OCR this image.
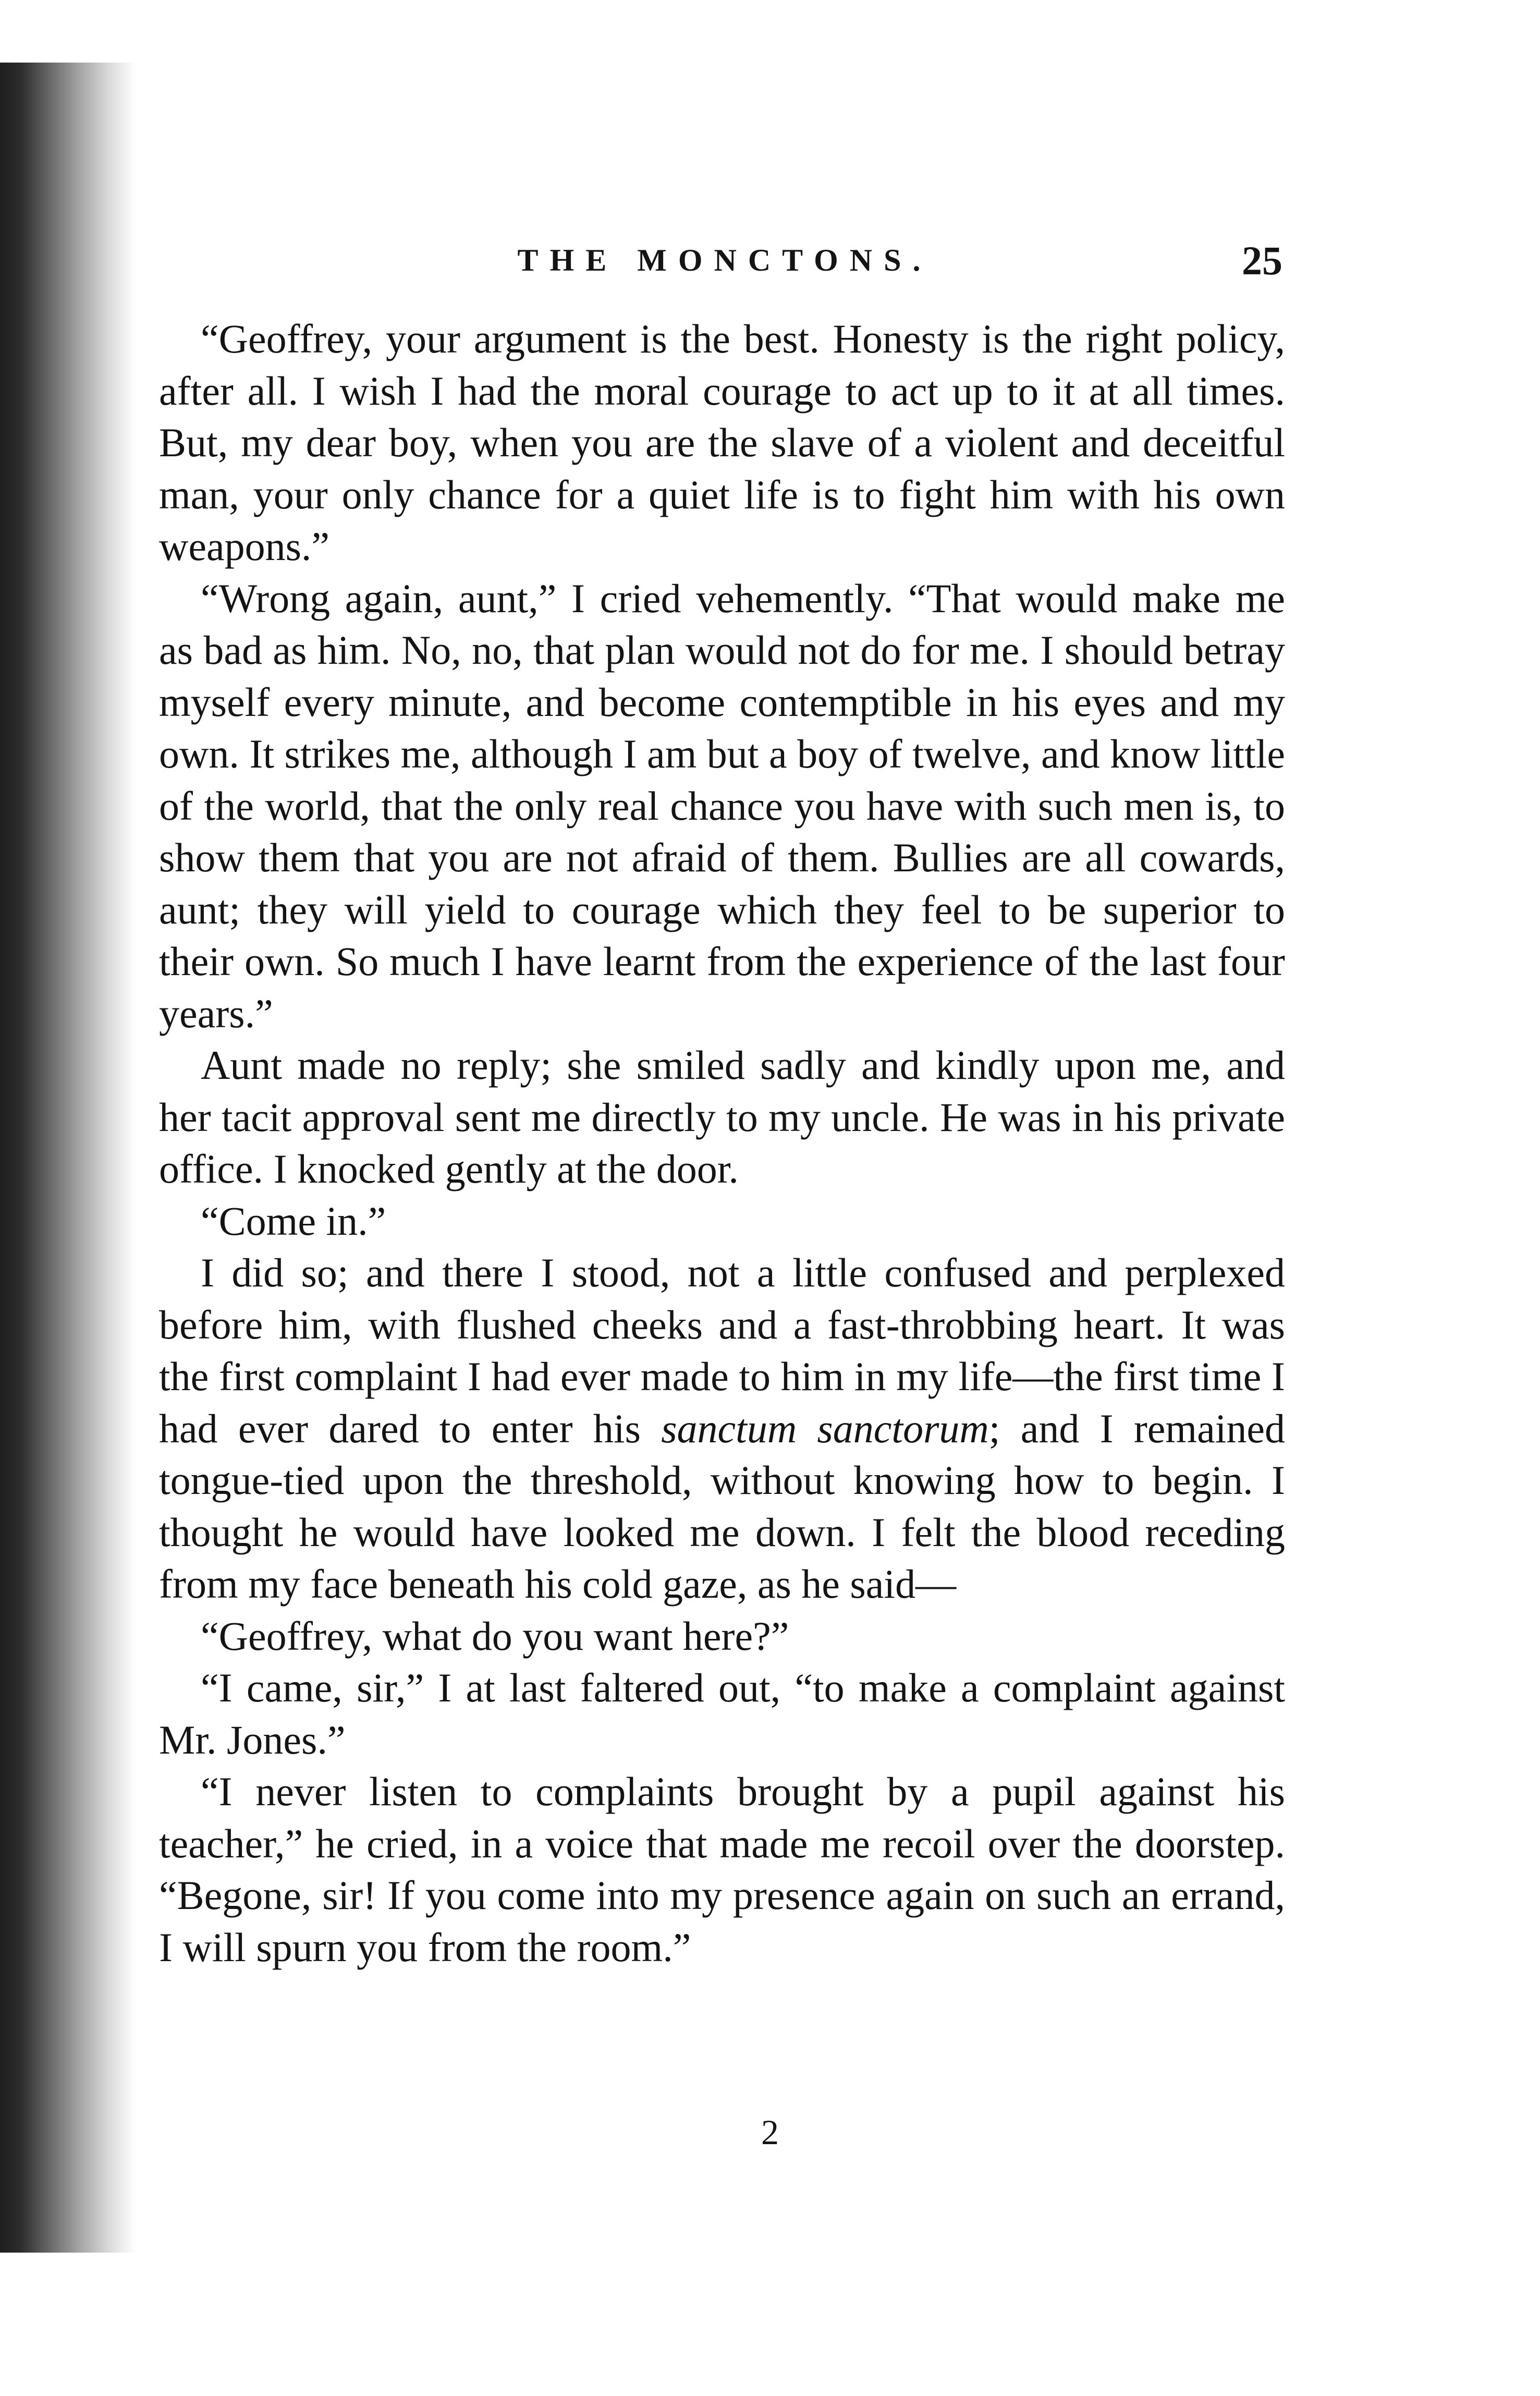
THE MONCTONS.	25

“Geoffrey, your argument is the best. Honesty is the right policy, after all. I wish I had the moral courage to act up to it at all times. But, my dear boy, when you are the slave of a violent and deceitful man, your only chance for a quiet life is to fight him with his own weapons.”

“Wrong again, aunt,” I cried vehemently. “That would make me as bad as him. No, no, that plan would not do for me. I should betray myself every minute, and become contemptible in his eyes and my own. It strikes me, although I am but a boy of twelve, and know little of the world, that the only real chance you have with such men is, to show them that you are not afraid of them. Bullies are all cowards, aunt; they will yield to courage which they feel to be superior to their own. So much I have learnt from the experience of the last four years.”

Aunt made no reply; she smiled sadly and kindly upon me, and her tacit approval sent me directly to my uncle. He was in his private office. I knocked gently at the door.

“Come in.”

I did so; and there I stood, not a little confused and perplexed before him, with flushed cheeks and a fast-throbbing heart. It was the first complaint I had ever made to him in my life—the first time I had ever dared to enter his sanctum sanctorum; and I remained tongue-tied upon the threshold, without knowing how to begin. I thought he would have looked me down. I felt the blood receding from my face beneath his cold gaze, as he said—

“Geoffrey, what do you want here?”

“I came, sir,” I at last faltered out, “to make a complaint against Mr. Jones.”

“I never listen to complaints brought by a pupil against his teacher,” he cried, in a voice that made me recoil over the doorstep. “Begone, sir! If you come into my presence again on such an errand, I will spurn you from the room.”

2
